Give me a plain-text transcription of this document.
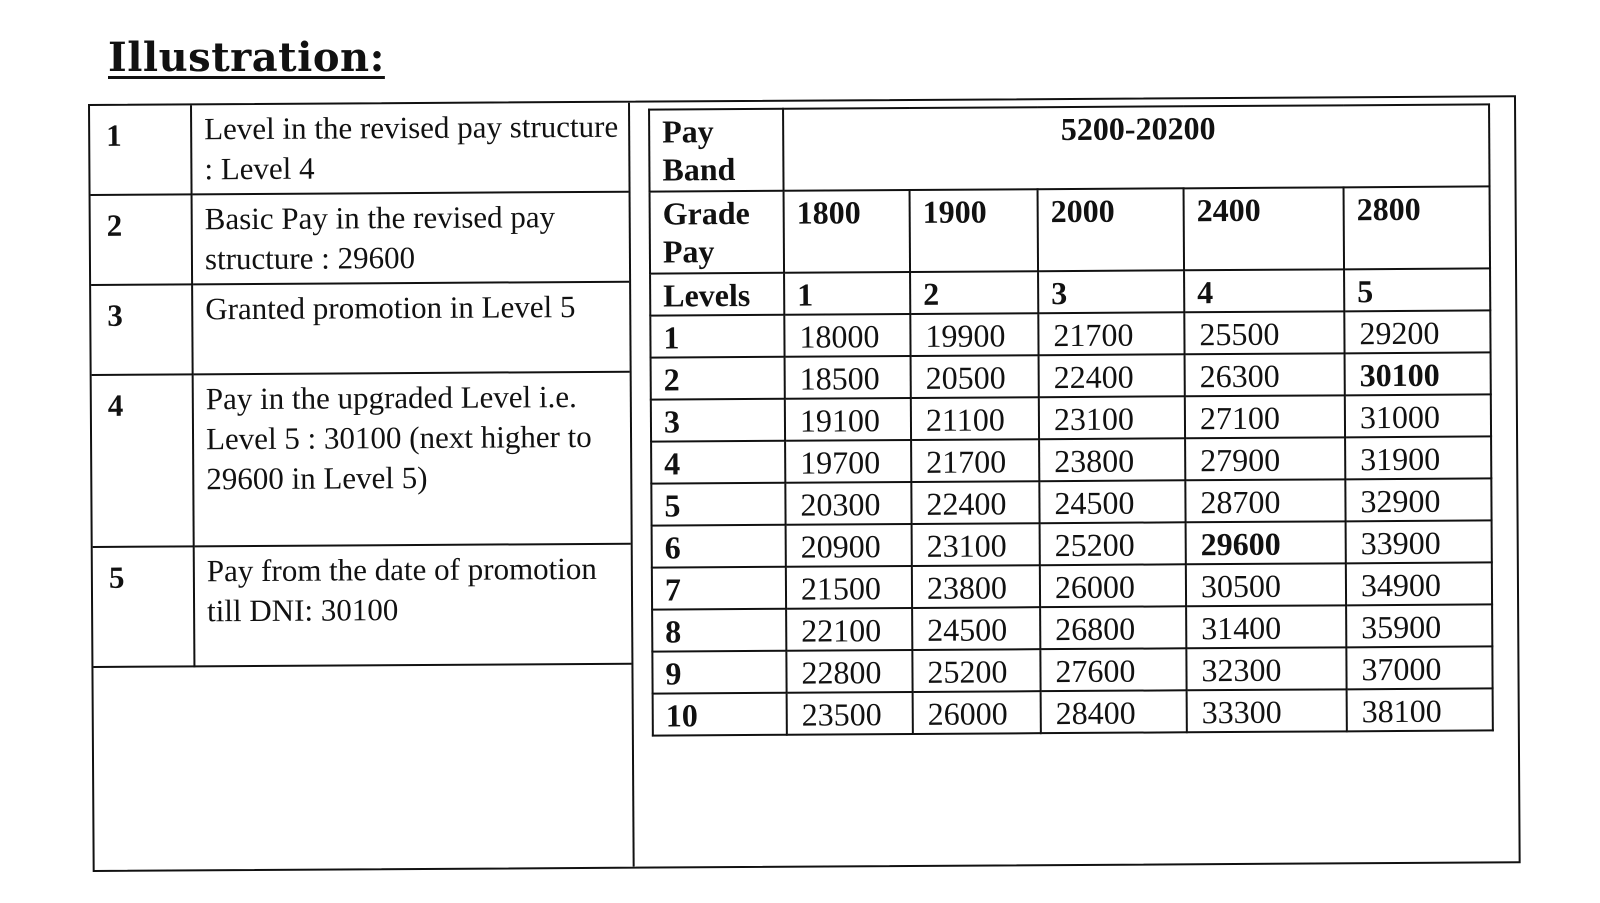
Illustration:
1	Level in the revised pay structure : Level 4
2	Basic Pay in the revised pay structure : 29600
3	Granted promotion in Level 5
4	Pay in the upgraded Level i.e.
Level 5 : 30100 (next higher to 29600 in Level 5)

5	Pay from the date of promotion till DNI: 30100
Pay Band	5200-20200				
Grade Pay	1800	1900	2000	2400	2800
Levels	1	2	3	4	5
1	18000	19900	21700	25500	29200
2	18500	20500	22400	26300	30100
3	19100	21100	23100	27100	31000
4	19700	21700	23800	27900	31900
5	20300	22400	24500	28700	32900
6	20900	23100	25200	29600	33900
7	21500	23800	26000	30500	34900
8	22100	24500	26800	31400	35900
9	22800	25200	27600	32300	37000
10	23500	26000	28400	33300	38100
